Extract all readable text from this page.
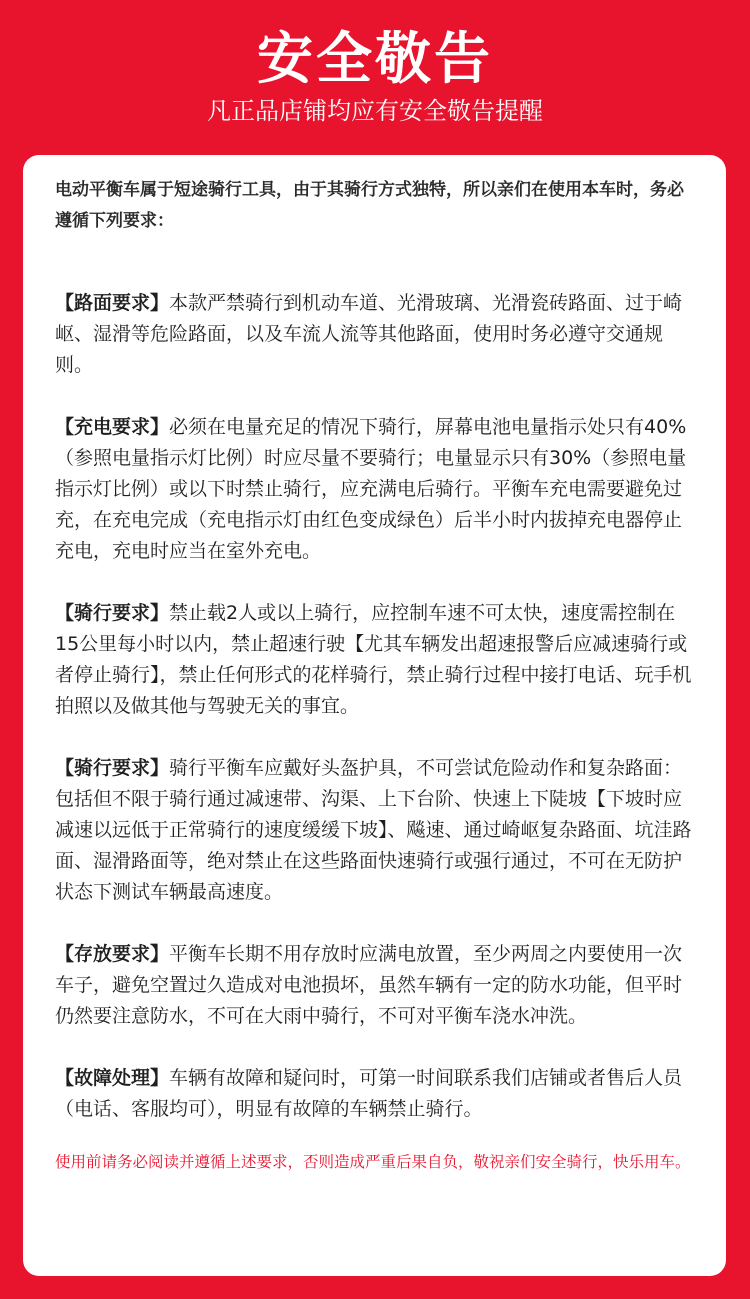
安全敬告
凡正品店铺均应有安全敬告提醒

电动平衡车属于短途骑行工具，由于其骑行方式独特，所以亲们在使用本车时，务必遵循下列要求：

【路面要求】本款严禁骑行到机动车道、光滑玻璃、光滑瓷砖路面、过于崎岖、湿滑等危险路面，以及车流人流等其他路面，使用时务必遵守交通规则。

【充电要求】必须在电量充足的情况下骑行，屏幕电池电量指示处只有40%（参照电量指示灯比例）时应尽量不要骑行；电量显示只有30%（参照电量指示灯比例）或以下时禁止骑行，应充满电后骑行。平衡车充电需要避免过充，在充电完成（充电指示灯由红色变成绿色）后半小时内拔掉充电器停止充电，充电时应当在室外充电。

【骑行要求】禁止载2人或以上骑行，应控制车速不可太快，速度需控制在15公里每小时以内，禁止超速行驶【尤其车辆发出超速报警后应减速骑行或者停止骑行】，禁止任何形式的花样骑行，禁止骑行过程中接打电话、玩手机拍照以及做其他与驾驶无关的事宜。

【骑行要求】骑行平衡车应戴好头盔护具，不可尝试危险动作和复杂路面：包括但不限于骑行通过减速带、沟渠、上下台阶、快速上下陡坡【下坡时应减速以远低于正常骑行的速度缓缓下坡】、飚速、通过崎岖复杂路面、坑洼路面、湿滑路面等，绝对禁止在这些路面快速骑行或强行通过，不可在无防护状态下测试车辆最高速度。

【存放要求】平衡车长期不用存放时应满电放置，至少两周之内要使用一次车子，避免空置过久造成对电池损坏，虽然车辆有一定的防水功能，但平时仍然要注意防水，不可在大雨中骑行，不可对平衡车浇水冲洗。

【故障处理】车辆有故障和疑问时，可第一时间联系我们店铺或者售后人员（电话、客服均可），明显有故障的车辆禁止骑行。

使用前请务必阅读并遵循上述要求，否则造成严重后果自负，敬祝亲们安全骑行，快乐用车。
